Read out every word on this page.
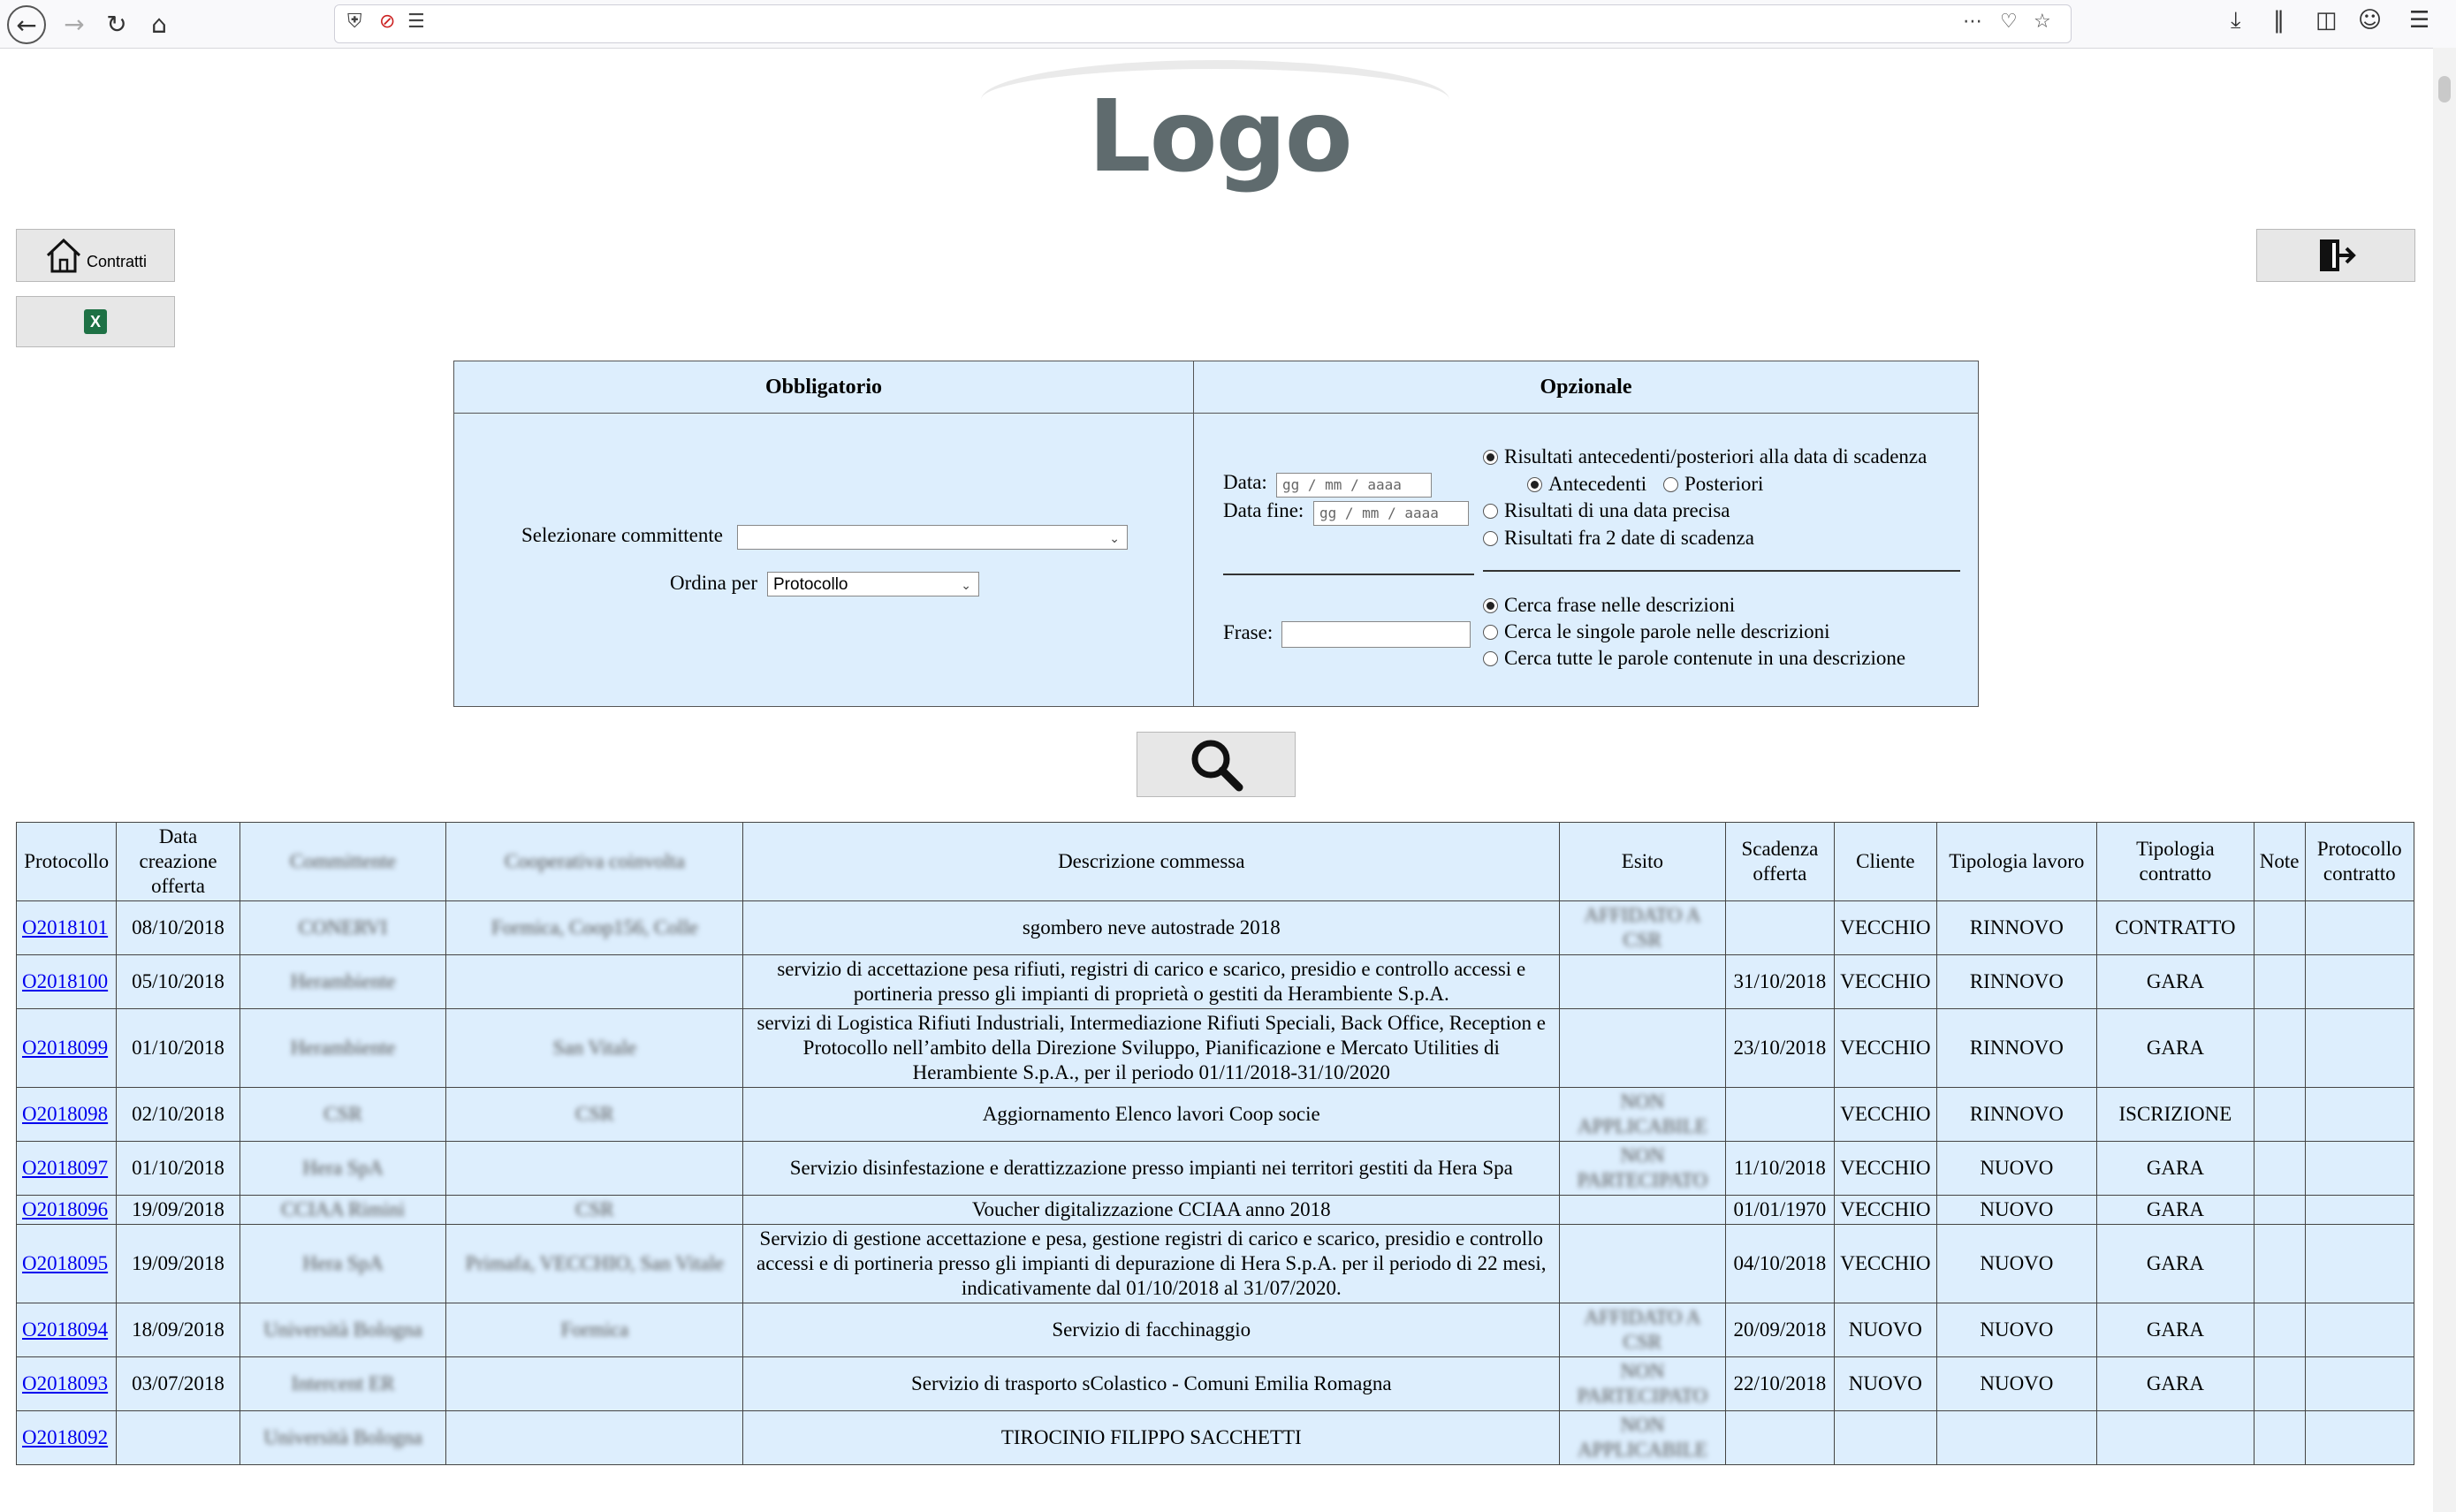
←	→ ↻ ⌂	⛨ ⊘ ☰	⋯ ♡ ☆	⤓ ‖ ◫ ☺ ☰
Logo
Contratti
X
Obbligatorio	Opzionale
Selezionare committente	⌄
Ordina per Protocollo	⌄
Data:	gg / mm / aaaa
Data fine:	gg / mm / aaaa
Risultati antecedenti/posteriori alla data di scadenza
Antecedenti Posteriori
Risultati di una data precisa
Risultati fra 2 date di scadenza
Frase:
Cerca frase nelle descrizioni
Cerca le singole parole nelle descrizioni
Cerca tutte le parole contenute in una descrizione
Protocollo	Data creazione offerta	Committente	Cooperativa coinvolta	Descrizione commessa	Esito	Scadenza offerta	Cliente	Tipologia lavoro	Tipologia contratto	Note	Protocollo contratto
O2018101	08/10/2018	CONERVI	Formica, Coop156, Colle	sgombero neve autostrade 2018	AFFIDATO A CSR		VECCHIO	RINNOVO	CONTRATTO		
O2018100	05/10/2018	Herambiente		servizio di accettazione pesa rifiuti, registri di carico e scarico, presidio e controllo accessi e portineria presso gli impianti di proprietà o gestiti da Herambiente S.p.A.		31/10/2018	VECCHIO	RINNOVO	GARA		
O2018099	01/10/2018	Herambiente	San Vitale	servizi di Logistica Rifiuti Industriali, Intermediazione Rifiuti Speciali, Back Office, Reception e Protocollo nell’ambito della Direzione Sviluppo, Pianificazione e Mercato Utilities di Herambiente S.p.A., per il periodo 01/11/2018-31/10/2020		23/10/2018	VECCHIO	RINNOVO	GARA		
O2018098	02/10/2018	CSR	CSR	Aggiornamento Elenco lavori Coop socie	NON APPLICABILE		VECCHIO	RINNOVO	ISCRIZIONE		
O2018097	01/10/2018	Hera SpA		Servizio disinfestazione e derattizzazione presso impianti nei territori gestiti da Hera Spa	NON PARTECIPATO	11/10/2018	VECCHIO	NUOVO	GARA		
O2018096	19/09/2018	CCIAA Rimini	CSR	Voucher digitalizzazione CCIAA anno 2018		01/01/1970	VECCHIO	NUOVO	GARA		
O2018095	19/09/2018	Hera SpA	Primafa, VECCHIO, San Vitale	Servizio di gestione accettazione e pesa, gestione registri di carico e scarico, presidio e controllo accessi e di portineria presso gli impianti di depurazione di Hera S.p.A. per il periodo di 22 mesi, indicativamente dal 01/10/2018 al 31/07/2020.		04/10/2018	VECCHIO	NUOVO	GARA		
O2018094	18/09/2018	Università Bologna	Formica	Servizio di facchinaggio	AFFIDATO A CSR	20/09/2018	NUOVO	NUOVO	GARA		
O2018093	03/07/2018	Intercent ER		Servizio di trasporto sColastico - Comuni Emilia Romagna	NON PARTECIPATO	22/10/2018	NUOVO	NUOVO	GARA		
O2018092		Università Bologna		TIROCINIO FILIPPO SACCHETTI	NON APPLICABILE						
